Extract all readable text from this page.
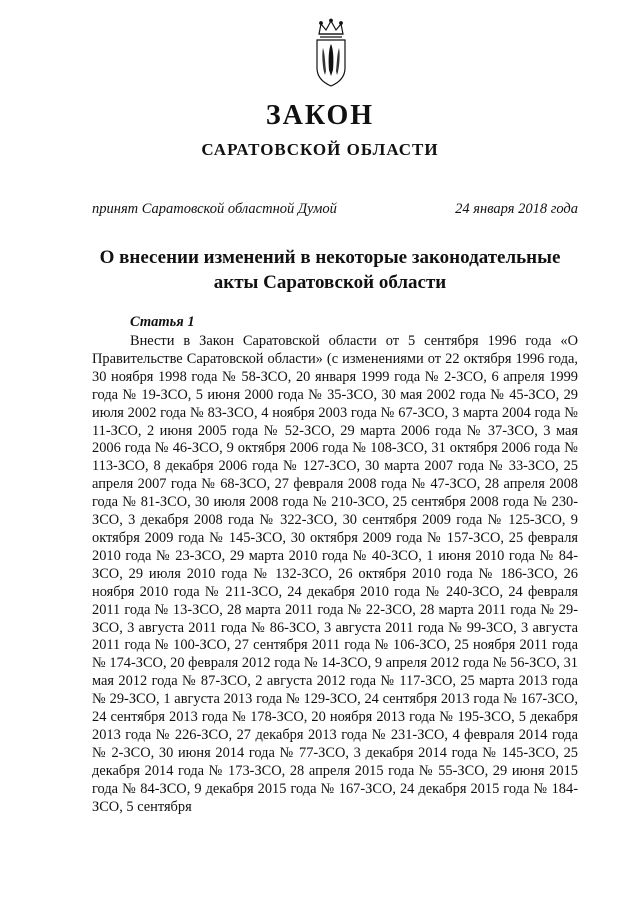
ЗАКОН
САРАТОВСКОЙ ОБЛАСТИ
принят Саратовской областной Думой	24 января 2018 года
О внесении изменений в некоторые законодательные
акты Саратовской области
Статья 1

Внести в Закон Саратовской области от 5 сентября 1996 года «О Правительстве Саратовской области» (с изменениями от 22 октября 1996 года, 30 ноября 1998 года № 58-ЗСО, 20 января 1999 года № 2-ЗСО, 6 апреля 1999 года № 19-ЗСО, 5 июня 2000 года № 35-ЗСО, 30 мая 2002 года № 45-ЗСО, 29 июля 2002 года № 83-ЗСО, 4 ноября 2003 года № 67-ЗСО, 3 марта 2004 года № 11-ЗСО, 2 июня 2005 года № 52-ЗСО, 29 марта 2006 года № 37-ЗСО, 3 мая 2006 года № 46-ЗСО, 9 октября 2006 года № 108-ЗСО, 31 октября 2006 года № 113-ЗСО, 8 декабря 2006 года № 127-ЗСО, 30 марта 2007 года № 33-ЗСО, 25 апреля 2007 года № 68-ЗСО, 27 февраля 2008 года № 47-ЗСО, 28 апреля 2008 года № 81-ЗСО, 30 июля 2008 года № 210-ЗСО, 25 сентября 2008 года № 230-ЗСО, 3 декабря 2008 года № 322-ЗСО, 30 сентября 2009 года № 125-ЗСО, 9 октября 2009 года № 145-ЗСО, 30 октября 2009 года № 157-ЗСО, 25 февраля 2010 года № 23-ЗСО, 29 марта 2010 года № 40-ЗСО, 1 июня 2010 года № 84-ЗСО, 29 июля 2010 года № 132-ЗСО, 26 октября 2010 года № 186-ЗСО, 26 ноября 2010 года № 211-ЗСО, 24 декабря 2010 года № 240-ЗСО, 24 февраля 2011 года № 13-ЗСО, 28 марта 2011 года № 22-ЗСО, 28 марта 2011 года № 29-ЗСО, 3 августа 2011 года № 86-ЗСО, 3 августа 2011 года № 99-ЗСО, 3 августа 2011 года № 100-ЗСО, 27 сентября 2011 года № 106-ЗСО, 25 ноября 2011 года № 174-ЗСО, 20 февраля 2012 года № 14-ЗСО, 9 апреля 2012 года № 56-ЗСО, 31 мая 2012 года № 87-ЗСО, 2 августа 2012 года № 117-ЗСО, 25 марта 2013 года № 29-ЗСО, 1 августа 2013 года № 129-ЗСО, 24 сентября 2013 года № 167-ЗСО, 24 сентября 2013 года № 178-ЗСО, 20 ноября 2013 года № 195-ЗСО, 5 декабря 2013 года № 226-ЗСО, 27 декабря 2013 года № 231-ЗСО, 4 февраля 2014 года № 2-ЗСО, 30 июня 2014 года № 77-ЗСО, 3 декабря 2014 года № 145-ЗСО, 25 декабря 2014 года № 173-ЗСО, 28 апреля 2015 года № 55-ЗСО, 29 июня 2015 года № 84-ЗСО, 9 декабря 2015 года № 167-ЗСО, 24 декабря 2015 года № 184-ЗСО, 5 сентября
